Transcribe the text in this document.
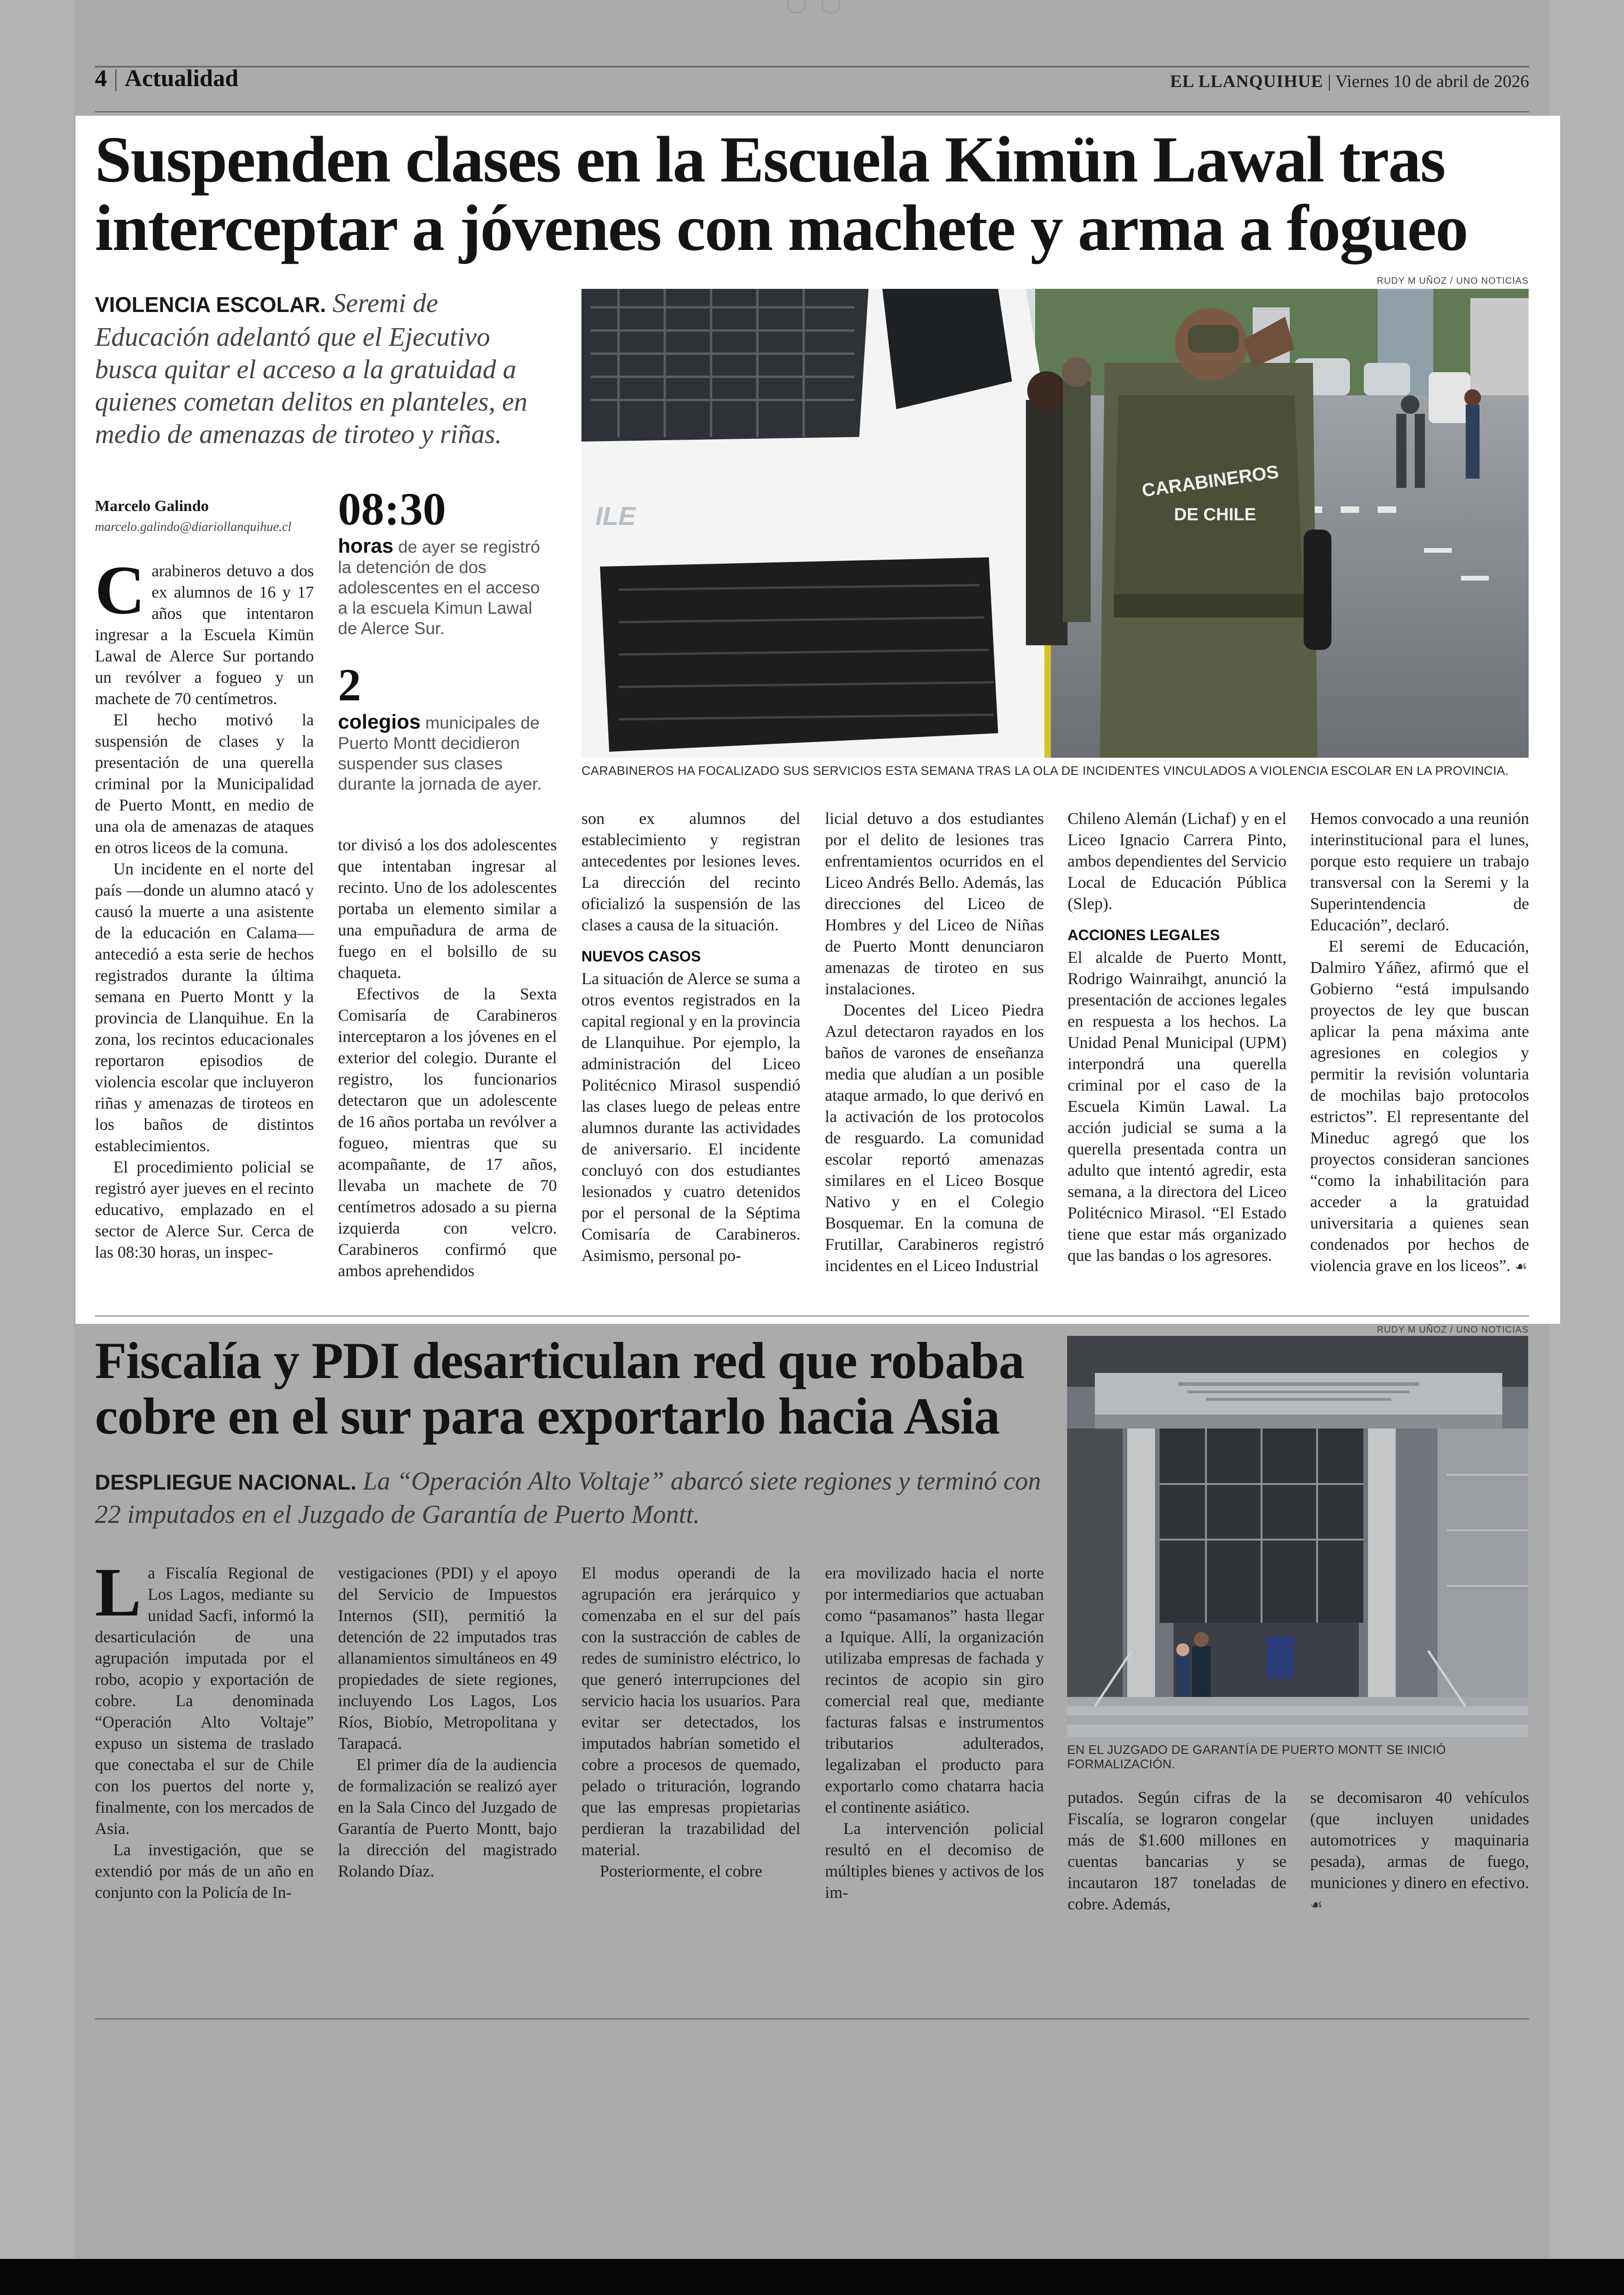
4 | Actualidad	EL LLANQUIHUE | Viernes 10 de abril de 2026
Suspenden clases en la Escuela Kimün Lawal tras interceptar a jóvenes con machete y arma a fogueo
VIOLENCIA ESCOLAR. Seremi de Educación adelantó que el Ejecutivo busca quitar el acceso a la gratuidad a quienes cometan delitos en planteles, en medio de amenazas de tiroteo y riñas.
RUDY M UÑOZ / UNO NOTICIAS
ILE
CARABINEROS
DE CHILE
CARABINEROS HA FOCALIZADO SUS SERVICIOS ESTA SEMANA TRAS LA OLA DE INCIDENTES VINCULADOS A VIOLENCIA ESCOLAR EN LA PROVINCIA.
Marcelo Galindo
marcelo.galindo@diariollanquihue.cl	08:30
horas de ayer se registró la detención de dos adolescentes en el acceso a la escuela Kimun Lawal de Alerce Sur.
2
colegios municipales de Puerto Montt decidieron suspender sus clases durante la jornada de ayer.
C arabineros detuvo a dos ex alumnos de 16 y 17 años que intentaron ingresar a la Escuela Kimün Lawal de Alerce Sur portando un revólver a fogueo y un machete de 70 centímetros.

El hecho motivó la suspensión de clases y la presentación de una querella criminal por la Municipalidad de Puerto Montt, en medio de una ola de amenazas de ataques en otros liceos de la comuna.

Un incidente en el norte del país —donde un alumno atacó y causó la muerte a una asistente de la educación en Calama— antecedió a esta serie de hechos registrados durante la última semana en Puerto Montt y la provincia de Llanquihue. En la zona, los recintos educacionales reportaron episodios de violencia escolar que incluyeron riñas y amenazas de tiroteos en los baños de distintos establecimientos.

El procedimiento policial se registró ayer jueves en el recinto educativo, emplazado en el sector de Alerce Sur. Cerca de las 08:30 horas, un inspec-

tor divisó a los dos adolescentes que intentaban ingresar al recinto. Uno de los adolescentes portaba un elemento similar a una empuñadura de arma de fuego en el bolsillo de su chaqueta.

Efectivos de la Sexta Comisaría de Carabineros interceptaron a los jóvenes en el exterior del colegio. Durante el registro, los funcionarios detectaron que un adolescente de 16 años portaba un revólver a fogueo, mientras que su acompañante, de 17 años, llevaba un machete de 70 centímetros adosado a su pierna izquierda con velcro. Carabineros confirmó que ambos aprehendidos

son ex alumnos del establecimiento y registran antecedentes por lesiones leves. La dirección del recinto oficializó la suspensión de las clases a causa de la situación.

NUEVOS CASOS

La situación de Alerce se suma a otros eventos registrados en la capital regional y en la provincia de Llanquihue. Por ejemplo, la administración del Liceo Politécnico Mirasol suspendió las clases luego de peleas entre alumnos durante las actividades de aniversario. El incidente concluyó con dos estudiantes lesionados y cuatro detenidos por el personal de la Séptima Comisaría de Carabineros. Asimismo, personal po-

licial detuvo a dos estudiantes por el delito de lesiones tras enfrentamientos ocurridos en el Liceo Andrés Bello. Además, las direcciones del Liceo de Hombres y del Liceo de Niñas de Puerto Montt denunciaron amenazas de tiroteo en sus instalaciones.

Docentes del Liceo Piedra Azul detectaron rayados en los baños de varones de enseñanza media que aludían a un posible ataque armado, lo que derivó en la activación de los protocolos de resguardo. La comunidad escolar reportó amenazas similares en el Liceo Bosque Nativo y en el Colegio Bosquemar. En la comuna de Frutillar, Carabineros registró incidentes en el Liceo Industrial

Chileno Alemán (Lichaf) y en el Liceo Ignacio Carrera Pinto, ambos dependientes del Servicio Local de Educación Pública (Slep).

ACCIONES LEGALES

El alcalde de Puerto Montt, Rodrigo Wainraihgt, anunció la presentación de acciones legales en respuesta a los hechos. La Unidad Penal Municipal (UPM) interpondrá una querella criminal por el caso de la Escuela Kimün Lawal. La acción judicial se suma a la querella presentada contra un adulto que intentó agredir, esta semana, a la directora del Liceo Politécnico Mirasol. “El Estado tiene que estar más organizado que las bandas o los agresores.

Hemos convocado a una reunión interinstitucional para el lunes, porque esto requiere un trabajo transversal con la Seremi y la Superintendencia de Educación”, declaró.

El seremi de Educación, Dalmiro Yáñez, afirmó que el Gobierno “está impulsando proyectos de ley que buscan aplicar la pena máxima ante agresiones en colegios y permitir la revisión voluntaria de mochilas bajo protocolos estrictos”. El representante del Mineduc agregó que los proyectos consideran sanciones “como la inhabilitación para acceder a la gratuidad universitaria a quienes sean condenados por hechos de violencia grave en los liceos”. ☙

Fiscalía y PDI desarticulan red que robaba cobre en el sur para exportarlo hacia Asia
DESPLIEGUE NACIONAL. La “Operación Alto Voltaje” abarcó siete regiones y terminó con 22 imputados en el Juzgado de Garantía de Puerto Montt.
RUDY M UÑOZ / UNO NOTICIAS
EN EL JUZGADO DE GARANTÍA DE PUERTO MONTT SE INICIÓ FORMALIZACIÓN.
L a Fiscalía Regional de Los Lagos, mediante su unidad Sacfi, informó la desarticulación de una agrupación imputada por el robo, acopio y exportación de cobre. La denominada “Operación Alto Voltaje” expuso un sistema de traslado que conectaba el sur de Chile con los puertos del norte y, finalmente, con los mercados de Asia.

La investigación, que se extendió por más de un año en conjunto con la Policía de In-

vestigaciones (PDI) y el apoyo del Servicio de Impuestos Internos (SII), permitió la detención de 22 imputados tras allanamientos simultáneos en 49 propiedades de siete regiones, incluyendo Los Lagos, Los Ríos, Biobío, Metropolitana y Tarapacá.

El primer día de la audiencia de formalización se realizó ayer en la Sala Cinco del Juzgado de Garantía de Puerto Montt, bajo la dirección del magistrado Rolando Díaz.

El modus operandi de la agrupación era jerárquico y comenzaba en el sur del país con la sustracción de cables de redes de suministro eléctrico, lo que generó interrupciones del servicio hacia los usuarios. Para evitar ser detectados, los imputados habrían sometido el cobre a procesos de quemado, pelado o trituración, logrando que las empresas propietarias perdieran la trazabilidad del material.

Posteriormente, el cobre

era movilizado hacia el norte por intermediarios que actuaban como “pasamanos” hasta llegar a Iquique. Allí, la organización utilizaba empresas de fachada y recintos de acopio sin giro comercial real que, mediante facturas falsas e instrumentos tributarios adulterados, legalizaban el producto para exportarlo como chatarra hacia el continente asiático.

La intervención policial resultó en el decomiso de múltiples bienes y activos de los im-

putados. Según cifras de la Fiscalía, se lograron congelar más de $1.600 millones en cuentas bancarias y se incautaron 187 toneladas de cobre. Además,

se decomisaron 40 vehículos (que incluyen unidades automotrices y maquinaria pesada), armas de fuego, municiones y dinero en efectivo. ☙
